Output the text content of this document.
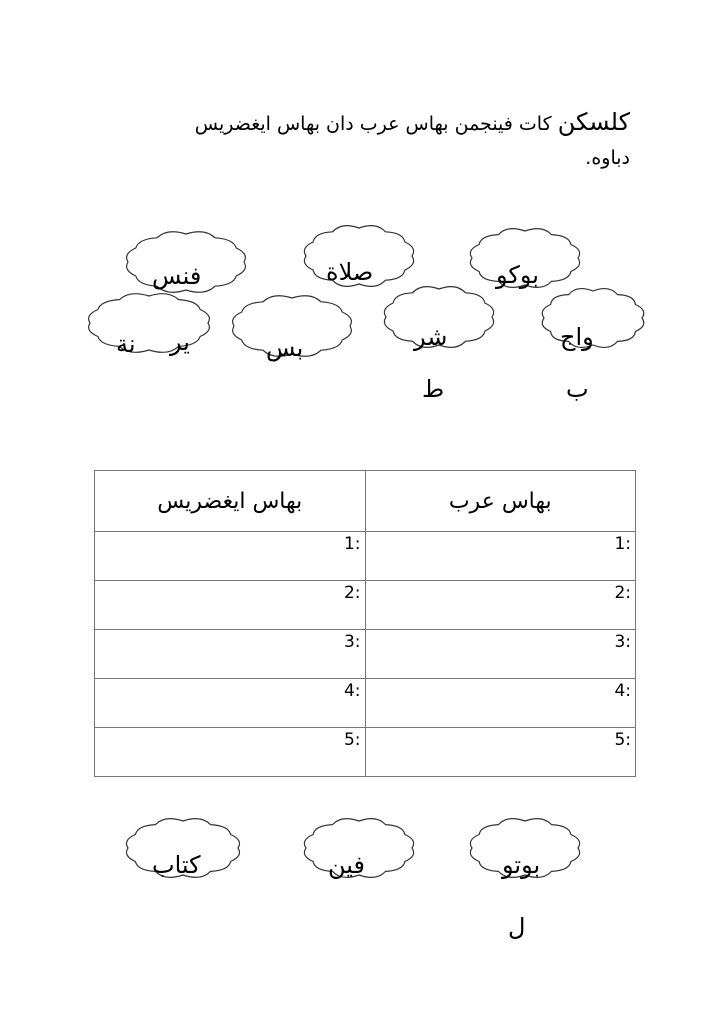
كلسكن كات فينجمن بهاس عرب دان بهاس ايغضريس دباوه.
فنس	صلاة	بوكو
نة ير	بس	شر
ط
واج
ب
بهاس عرب	بهاس ايغضريس
1:	1:
2:	2:
3:	3:
4:	4:
5:	5:
كتاب	فين	بوتو
ل
